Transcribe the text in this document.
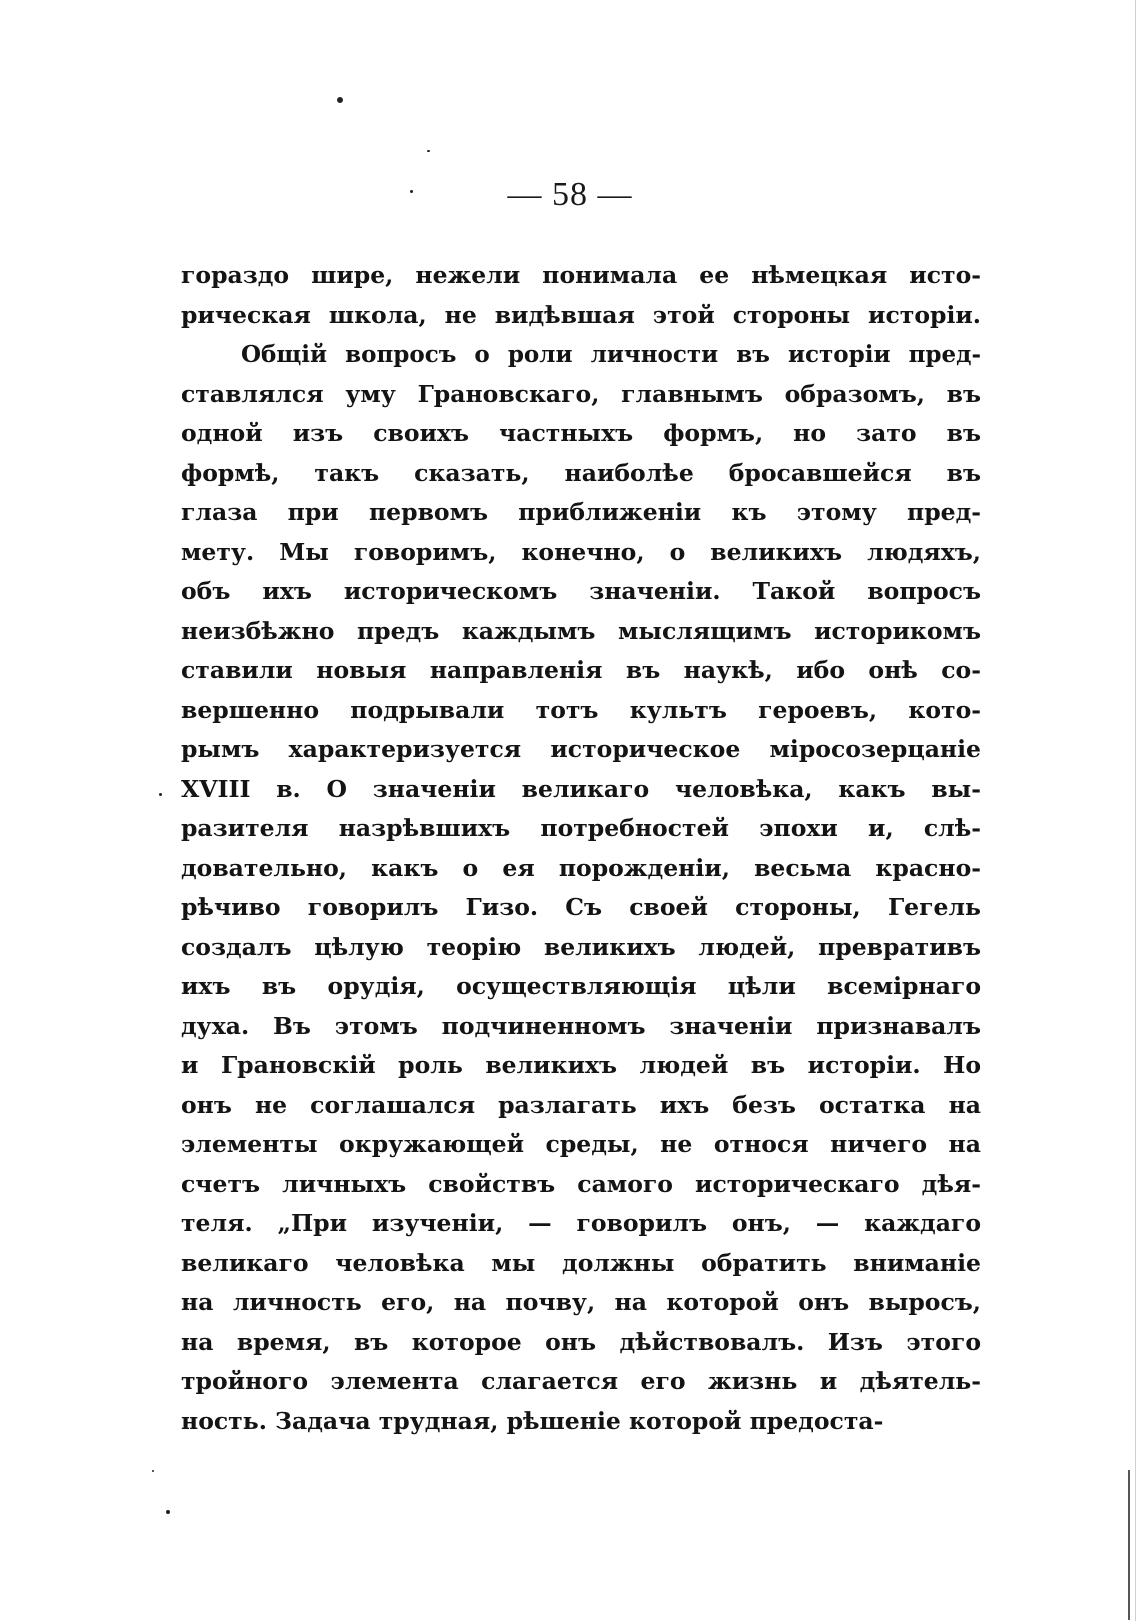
— 58 —
гораздо шире, нежели понимала ее нѣмецкая исто-
рическая школа, не видѣвшая этой стороны исторіи.
Общій вопросъ о роли личности въ исторіи пред-
ставлялся уму Грановскаго, главнымъ образомъ, въ
одной изъ своихъ частныхъ формъ, но зато въ
формѣ, такъ сказать, наиболѣе бросавшейся въ
глаза при первомъ приближеніи къ этому пред-
мету. Мы говоримъ, конечно, о великихъ людяхъ,
объ ихъ историческомъ значеніи. Такой вопросъ
неизбѣжно предъ каждымъ мыслящимъ историкомъ
ставили новыя направленія въ наукѣ, ибо онѣ со-
вершенно подрывали тотъ культъ героевъ, кото-
рымъ характеризуется историческое міросозерцаніе
XVIII в. О значеніи великаго человѣка, какъ вы-
разителя назрѣвшихъ потребностей эпохи и, слѣ-
довательно, какъ о ея порожденіи, весьма красно-
рѣчиво говорилъ Гизо. Съ своей стороны, Гегель
создалъ цѣлую теорію великихъ людей, превративъ
ихъ въ орудія, осуществляющія цѣли всемірнаго
духа. Въ этомъ подчиненномъ значеніи признавалъ
и Грановскій роль великихъ людей въ исторіи. Но
онъ не соглашался разлагать ихъ безъ остатка на
элементы окружающей среды, не относя ничего на
счетъ личныхъ свойствъ самого историческаго дѣя-
теля. „При изученіи, — говорилъ онъ, — каждаго
великаго человѣка мы должны обратить вниманіе
на личность его, на почву, на которой онъ выросъ,
на время, въ которое онъ дѣйствовалъ. Изъ этого
тройного элемента слагается его жизнь и дѣятель-
ность. Задача трудная, рѣшеніе которой предоста-
